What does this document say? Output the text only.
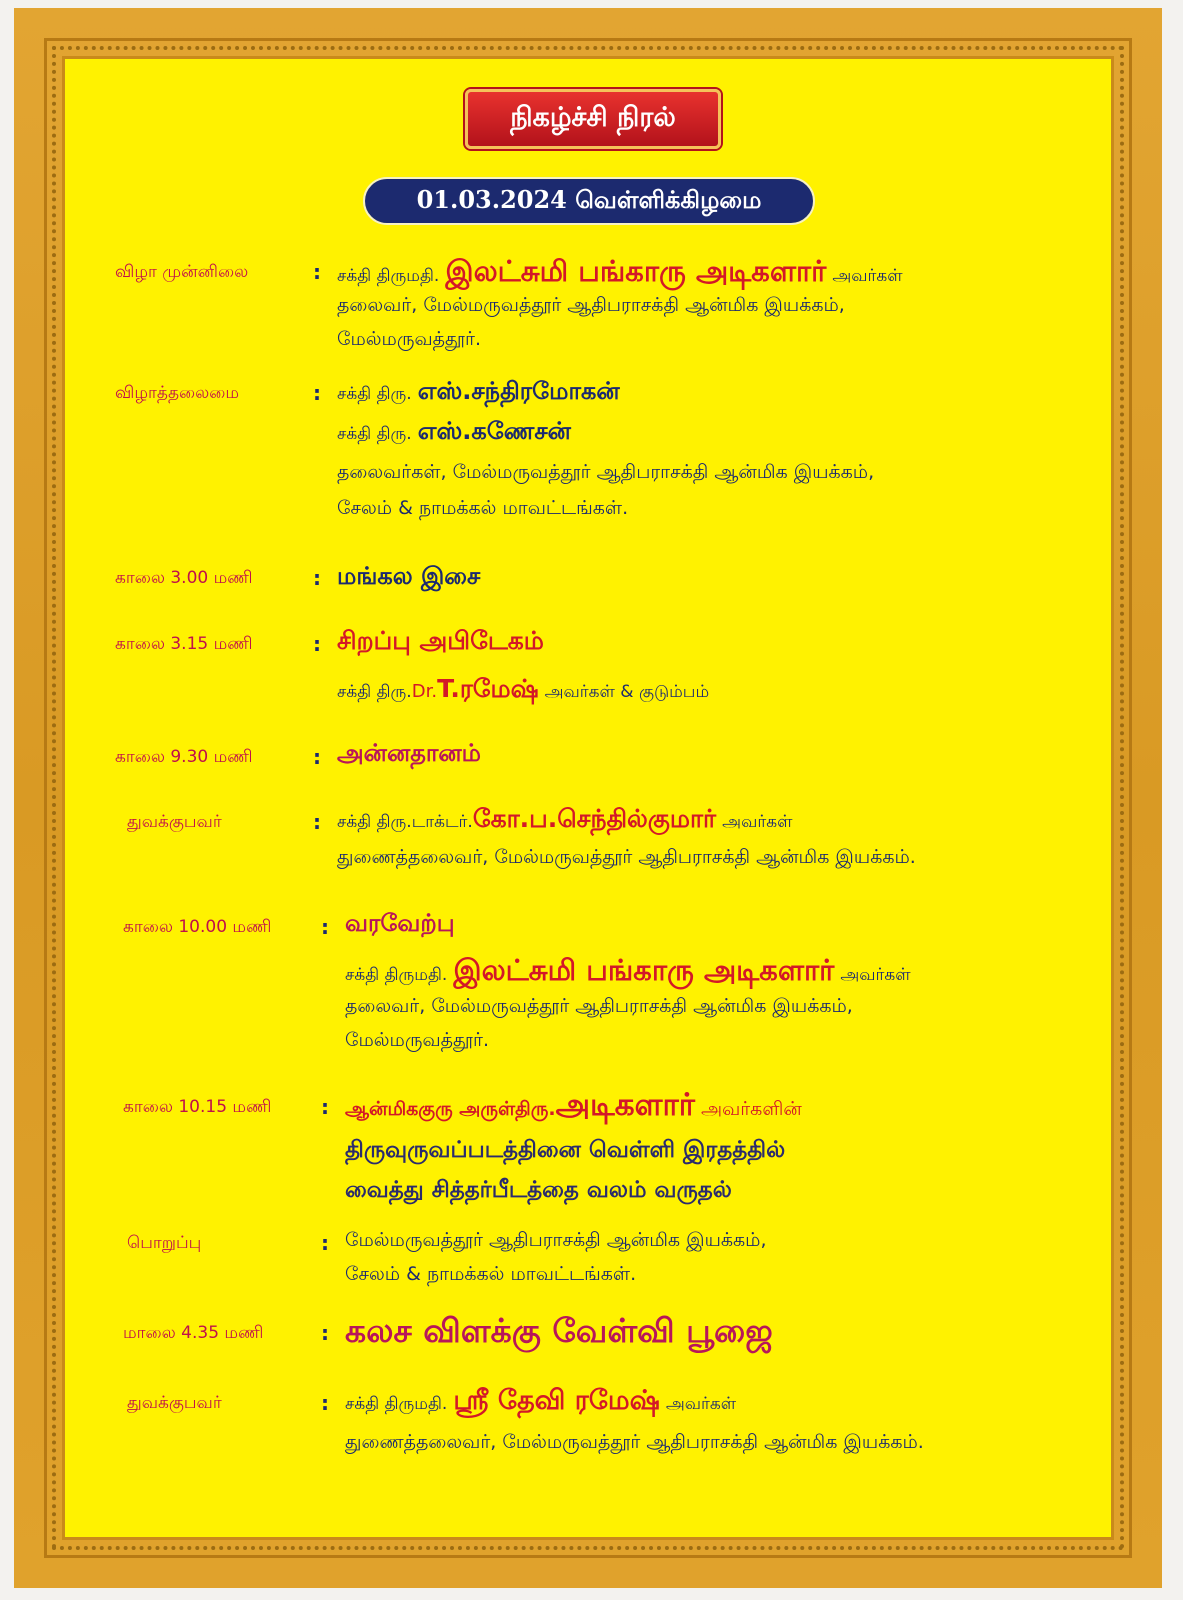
நிகழ்ச்சி நிரல்
01.03.2024 வெள்ளிக்கிழமை
விழா முன்னிலை	: சக்தி திருமதி. இலட்சுமி பங்காரு அடிகளார் அவர்கள்
தலைவர், மேல்மருவத்தூர் ஆதிபராசக்தி ஆன்மிக இயக்கம்,
மேல்மருவத்தூர்.
விழாத்தலைமை	: சக்தி திரு. எஸ்.சந்திரமோகன்
சக்தி திரு. எஸ்.கணேசன்
தலைவர்கள், மேல்மருவத்தூர் ஆதிபராசக்தி ஆன்மிக இயக்கம்,
சேலம் & நாமக்கல் மாவட்டங்கள்.
காலை 3.00 மணி	: மங்கல இசை
காலை 3.15 மணி	: சிறப்பு அபிடேகம்
சக்தி திரு.Dr.T.ரமேஷ் அவர்கள் & குடும்பம்
காலை 9.30 மணி	: அன்னதானம்
துவக்குபவர்	: சக்தி திரு.டாக்டர்.கோ.ப.செந்தில்குமார் அவர்கள்
துணைத்தலைவர், மேல்மருவத்தூர் ஆதிபராசக்தி ஆன்மிக இயக்கம்.
காலை 10.00 மணி : வரவேற்பு
சக்தி திருமதி. இலட்சுமி பங்காரு அடிகளார் அவர்கள்
தலைவர், மேல்மருவத்தூர் ஆதிபராசக்தி ஆன்மிக இயக்கம்,
மேல்மருவத்தூர்.
காலை 10.15 மணி : ஆன்மிககுரு அருள்திரு.அடிகளார் அவர்களின்
திருவுருவப்படத்தினை வெள்ளி இரதத்தில்
வைத்து சித்தர்பீடத்தை வலம் வருதல்
பொறுப்பு	: மேல்மருவத்தூர் ஆதிபராசக்தி ஆன்மிக இயக்கம்,
சேலம் & நாமக்கல் மாவட்டங்கள்.
மாலை 4.35 மணி	: கலச விளக்கு வேள்வி பூஜை
துவக்குபவர்	: சக்தி திருமதி. ஸ்ரீ தேவி ரமேஷ் அவர்கள்
துணைத்தலைவர், மேல்மருவத்தூர் ஆதிபராசக்தி ஆன்மிக இயக்கம்.
